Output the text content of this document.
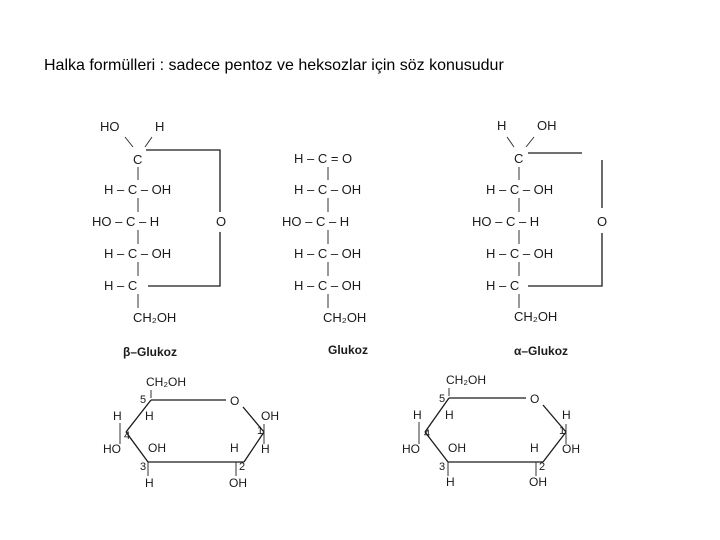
Halka formülleri : sadece pentoz ve heksozlar için söz konusudur
HO	H
C
H – C – OH
HO – C – H
H – C – OH
H – C
CH₂OH
O
β–Glukoz
H – C = O
H – C – OH
HO – C – H
H – C – OH
H – C – OH
CH₂OH
Glukoz
H OH
C
H – C – OH
HO – C – H
H – C – OH
H – C
CH₂OH
O
α–Glukoz
CH₂OH
5	O
H
H
4
HO OH
3
H
H
2
OH
OH
1
H
CH₂OH
5	O
H
H
4
HO OH
3
H
H
2
OH
H
1
OH
